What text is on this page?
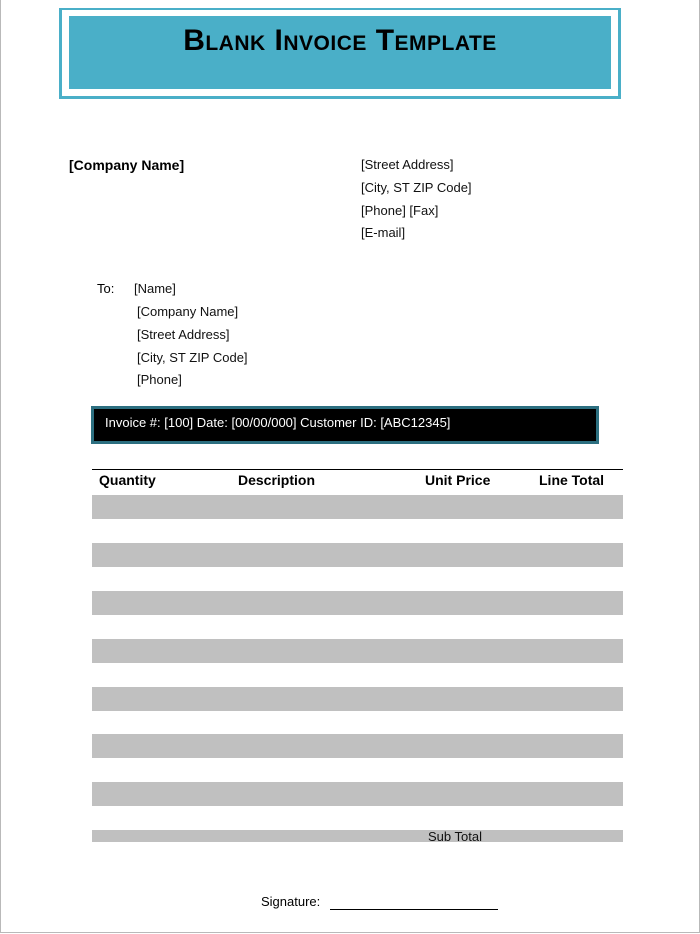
Blank Invoice Template
[Company Name]	[Street Address]
[City, ST ZIP Code]
[Phone] [Fax]
[E-mail]
To: [Name]
[Company Name]
[Street Address]
[City, ST ZIP Code]
[Phone]
Invoice #: [100] Date: [00/00/000] Customer ID: [ABC12345]
Quantity	Description	Unit Price	Line Total
Sub Total
Signature:
